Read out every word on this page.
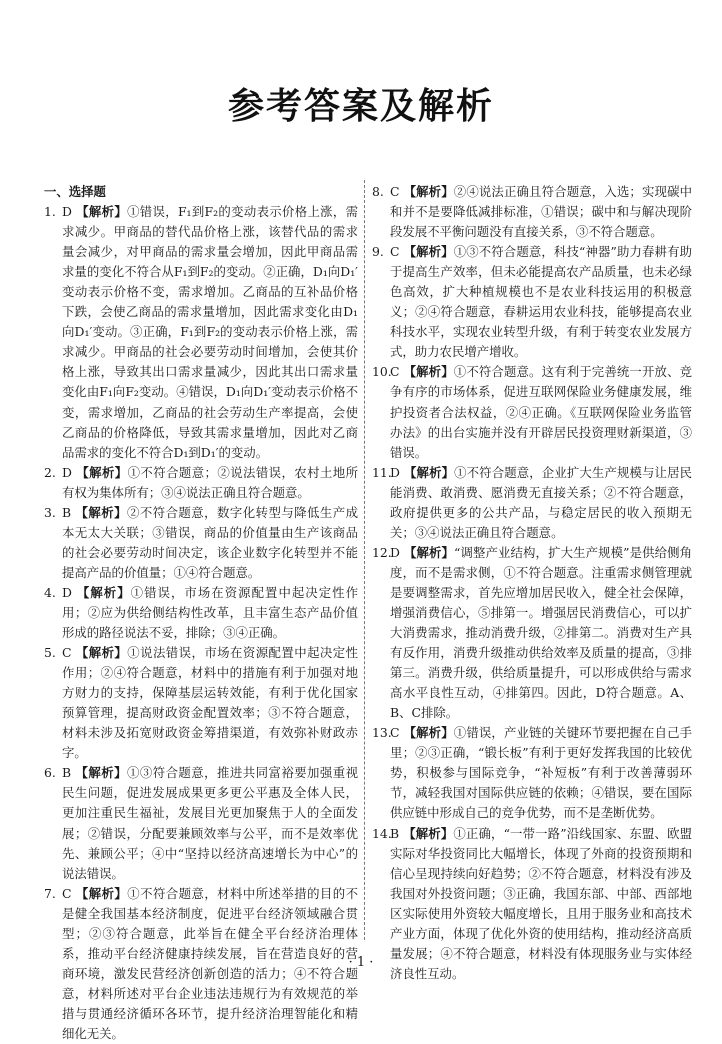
参考答案及解析
一、选择题

1. D 【解析】①错误，F₁到F₂的变动表示价格上涨，需求减少。甲商品的替代品价格上涨，该替代品的需求量会减少，对甲商品的需求量会增加，因此甲商品需求量的变化不符合从F₁到F₂的变动。②正确，D₁向D₁′变动表示价格不变，需求增加。乙商品的互补品价格下跌，会使乙商品的需求量增加，因此需求变化由D₁向D₁′变动。③正确，F₁到F₂的变动表示价格上涨，需求减少。甲商品的社会必要劳动时间增加，会使其价格上涨，导致其出口需求量减少，因此其出口需求量变化由F₁向F₂变动。④错误，D₁向D₁′变动表示价格不变，需求增加，乙商品的社会劳动生产率提高，会使乙商品的价格降低，导致其需求量增加，因此对乙商品需求的变化不符合D₁到D₁′的变动。

2. D 【解析】①不符合题意；②说法错误，农村土地所有权为集体所有；③④说法正确且符合题意。

3. B 【解析】②不符合题意，数字化转型与降低生产成本无太大关联；③错误，商品的价值量由生产该商品的社会必要劳动时间决定，该企业数字化转型并不能提高产品的价值量；①④符合题意。

4. D 【解析】①错误，市场在资源配置中起决定性作用；②应为供给侧结构性改革，且丰富生态产品价值形成的路径说法不妥，排除；③④正确。

5. C 【解析】①说法错误，市场在资源配置中起决定性作用；②④符合题意，材料中的措施有利于加强对地方财力的支持，保障基层运转效能，有利于优化国家预算管理，提高财政资金配置效率；③不符合题意，材料未涉及拓宽财政资金筹措渠道，有效弥补财政赤字。

6. B 【解析】①③符合题意，推进共同富裕要加强重视民生问题，促进发展成果更多更公平惠及全体人民，更加注重民生福祉，发展目光更加聚焦于人的全面发展；②错误，分配要兼顾效率与公平，而不是效率优先、兼顾公平；④中“坚持以经济高速增长为中心”的说法错误。

7. C 【解析】①不符合题意，材料中所述举措的目的不是健全我国基本经济制度，促进平台经济领域融合贯型；②③符合题意，此举旨在健全平台经济治理体系，推动平台经济健康持续发展，旨在营造良好的营商环境，激发民营经济创新创造的活力；④不符合题意，材料所述对平台企业违法违规行为有效规范的举措与贯通经济循环各环节，提升经济治理智能化和精细化无关。

8. C 【解析】②④说法正确且符合题意，入选；实现碳中和并不是要降低减排标准，①错误；碳中和与解决现阶段发展不平衡问题没有直接关系，③不符合题意。

9. C 【解析】①③不符合题意，科技“神器”助力春耕有助于提高生产效率，但未必能提高农产品质量，也未必绿色高效，扩大种植规模也不是农业科技运用的积极意义；②④符合题意，春耕运用农业科技，能够提高农业科技水平，实现农业转型升级，有利于转变农业发展方式，助力农民增产增收。

10.C 【解析】①不符合题意。这有利于完善统一开放、竞争有序的市场体系，促进互联网保险业务健康发展，维护投资者合法权益，②④正确。《互联网保险业务监管办法》的出台实施并没有开辟居民投资理财新渠道，③错误。

11.D 【解析】①不符合题意，企业扩大生产规模与让居民能消费、敢消费、愿消费无直接关系；②不符合题意，政府提供更多的公共产品，与稳定居民的收入预期无关；③④说法正确且符合题意。

12.D 【解析】“调整产业结构，扩大生产规模”是供给侧角度，而不是需求侧，①不符合题意。注重需求侧管理就是要调整需求，首先应增加居民收入，健全社会保障，增强消费信心，⑤排第一。增强居民消费信心，可以扩大消费需求，推动消费升级，②排第二。消费对生产具有反作用，消费升级推动供给效率及质量的提高，③排第三。消费升级，供给质量提升，可以形成供给与需求高水平良性互动，④排第四。因此，D符合题意。A、B、C排除。

13.C 【解析】①错误，产业链的关键环节要把握在自己手里；②③正确，“锻长板”有利于更好发挥我国的比较优势，积极参与国际竞争，“补短板”有利于改善薄弱环节，减轻我国对国际供应链的依赖；④错误，要在国际供应链中形成自己的竞争优势，而不是垄断优势。

14.B 【解析】①正确，“一带一路”沿线国家、东盟、欧盟实际对华投资同比大幅增长，体现了外商的投资预期和信心呈现持续向好趋势；②不符合题意，材料没有涉及我国对外投资问题；③正确，我国东部、中部、西部地区实际使用外资较大幅度增长，且用于服务业和高技术产业方面，体现了优化外资的使用结构，推动经济高质量发展；④不符合题意，材料没有体现服务业与实体经济良性互动。

· 1 ·
